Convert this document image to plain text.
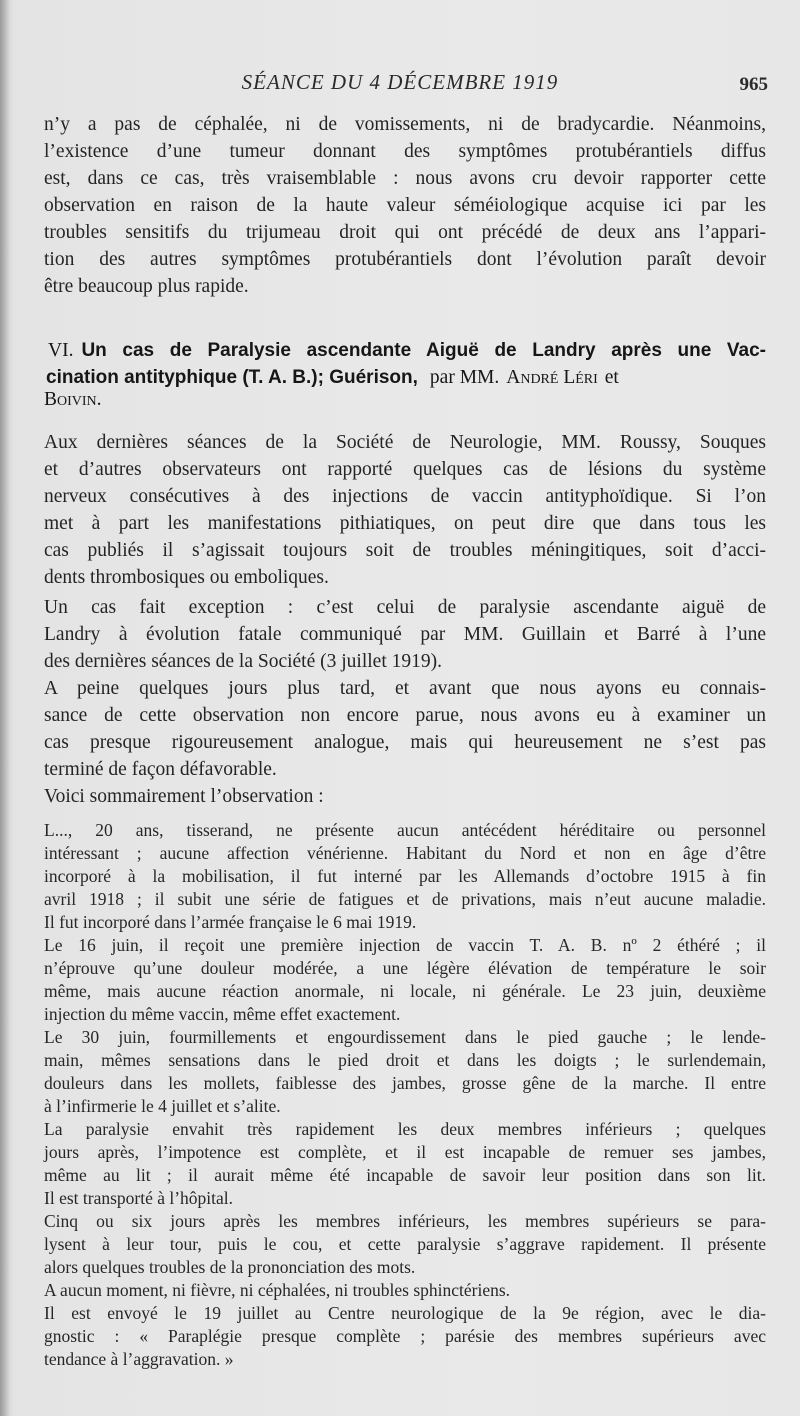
SÉANCE DU 4 DÉCEMBRE 1919	965
n’y a pas de céphalée, ni de vomissements, ni de bradycardie. Néanmoins,
l’existence d’une tumeur donnant des symptômes protubérantiels diffus
est, dans ce cas, très vraisemblable : nous avons cru devoir rapporter cette
observation en raison de la haute valeur séméiologique acquise ici par les
troubles sensitifs du trijumeau droit qui ont précédé de deux ans l’appari-
tion des autres symptômes protubérantiels dont l’évolution paraît devoir
être beaucoup plus rapide.
VI. Un cas de Paralysie ascendante Aiguë de Landry après une Vac-
cination antityphique (T. A. B.); Guérison, par MM. André Léri et
Boivin.
Aux dernières séances de la Société de Neurologie, MM. Roussy, Souques
et d’autres observateurs ont rapporté quelques cas de lésions du système
nerveux consécutives à des injections de vaccin antityphoïdique. Si l’on
met à part les manifestations pithiatiques, on peut dire que dans tous les
cas publiés il s’agissait toujours soit de troubles méningitiques, soit d’acci-
dents thrombosiques ou emboliques.
Un cas fait exception : c’est celui de paralysie ascendante aiguë de
Landry à évolution fatale communiqué par MM. Guillain et Barré à l’une
des dernières séances de la Société (3 juillet 1919).
A peine quelques jours plus tard, et avant que nous ayons eu connais-
sance de cette observation non encore parue, nous avons eu à examiner un
cas presque rigoureusement analogue, mais qui heureusement ne s’est pas
terminé de façon défavorable.
Voici sommairement l’observation :
L..., 20 ans, tisserand, ne présente aucun antécédent héréditaire ou personnel
intéressant ; aucune affection vénérienne. Habitant du Nord et non en âge d’être
incorporé à la mobilisation, il fut interné par les Allemands d’octobre 1915 à fin
avril 1918 ; il subit une série de fatigues et de privations, mais n’eut aucune maladie.
Il fut incorporé dans l’armée française le 6 mai 1919.
Le 16 juin, il reçoit une première injection de vaccin T. A. B. nº 2 éthéré ; il
n’éprouve qu’une douleur modérée, a une légère élévation de température le soir
même, mais aucune réaction anormale, ni locale, ni générale. Le 23 juin, deuxième
injection du même vaccin, même effet exactement.
Le 30 juin, fourmillements et engourdissement dans le pied gauche ; le lende-
main, mêmes sensations dans le pied droit et dans les doigts ; le surlendemain,
douleurs dans les mollets, faiblesse des jambes, grosse gêne de la marche. Il entre
à l’infirmerie le 4 juillet et s’alite.
La paralysie envahit très rapidement les deux membres inférieurs ; quelques
jours après, l’impotence est complète, et il est incapable de remuer ses jambes,
même au lit ; il aurait même été incapable de savoir leur position dans son lit.
Il est transporté à l’hôpital.
Cinq ou six jours après les membres inférieurs, les membres supérieurs se para-
lysent à leur tour, puis le cou, et cette paralysie s’aggrave rapidement. Il présente
alors quelques troubles de la prononciation des mots.
A aucun moment, ni fièvre, ni céphalées, ni troubles sphinctériens.
Il est envoyé le 19 juillet au Centre neurologique de la 9e région, avec le dia-
gnostic : « Paraplégie presque complète ; parésie des membres supérieurs avec
tendance à l’aggravation. »
